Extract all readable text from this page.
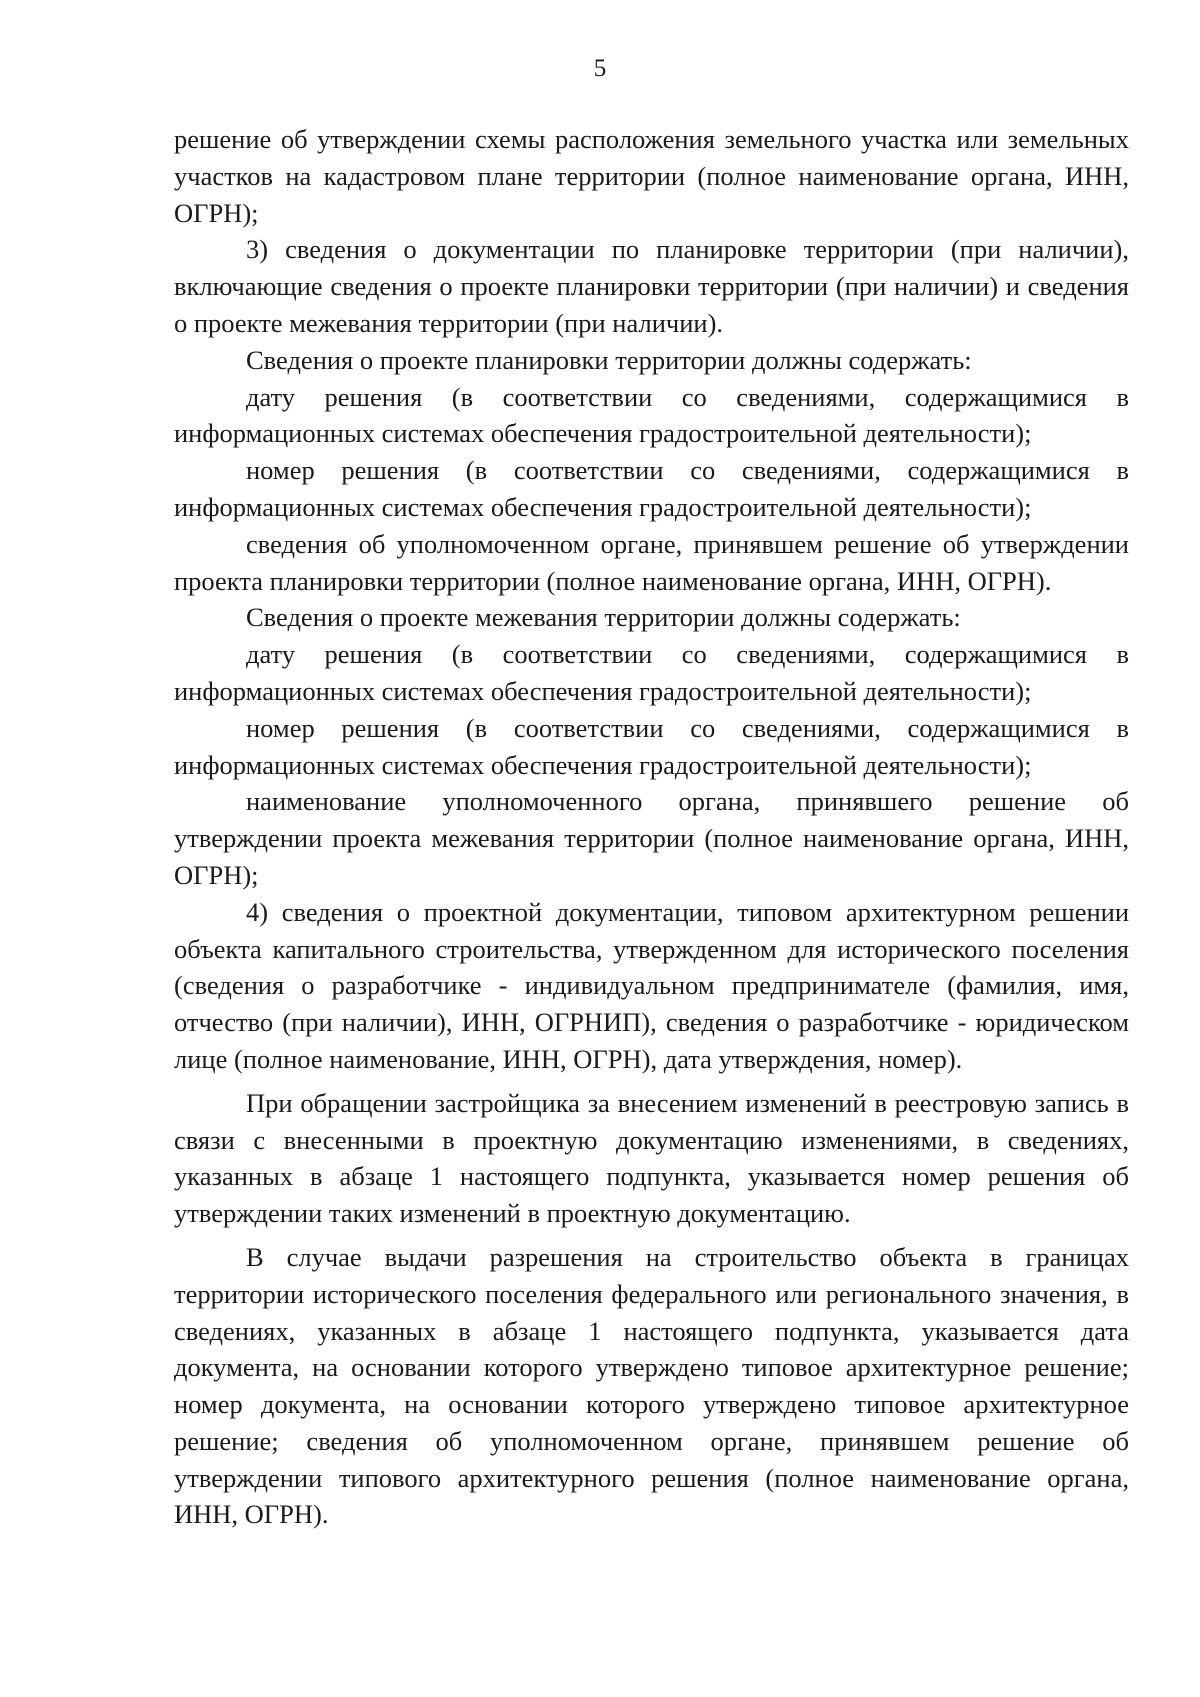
5

решение об утверждении схемы расположения земельного участка или земельных участков на кадастровом плане территории (полное наименование органа, ИНН, ОГРН);

3) сведения о документации по планировке территории (при наличии), включающие сведения о проекте планировки территории (при наличии) и сведения о проекте межевания территории (при наличии).

Сведения о проекте планировки территории должны содержать:

дату решения (в соответствии со сведениями, содержащимися в информационных системах обеспечения градостроительной деятельности);

номер решения (в соответствии со сведениями, содержащимися в информационных системах обеспечения градостроительной деятельности);

сведения об уполномоченном органе, принявшем решение об утверждении проекта планировки территории (полное наименование органа, ИНН, ОГРН).

Сведения о проекте межевания территории должны содержать:

дату решения (в соответствии со сведениями, содержащимися в информационных системах обеспечения градостроительной деятельности);

номер решения (в соответствии со сведениями, содержащимися в информационных системах обеспечения градостроительной деятельности);

наименование уполномоченного органа, принявшего решение об утверждении проекта межевания территории (полное наименование органа, ИНН, ОГРН);

4) сведения о проектной документации, типовом архитектурном решении объекта капитального строительства, утвержденном для исторического поселения (сведения о разработчике - индивидуальном предпринимателе (фамилия, имя, отчество (при наличии), ИНН, ОГРНИП), сведения о разработчике - юридическом лице (полное наименование, ИНН, ОГРН), дата утверждения, номер).

При обращении застройщика за внесением изменений в реестровую запись в связи с внесенными в проектную документацию изменениями, в сведениях, указанных в абзаце 1 настоящего подпункта, указывается номер решения об утверждении таких изменений в проектную документацию.

В случае выдачи разрешения на строительство объекта в границах территории исторического поселения федерального или регионального значения, в сведениях, указанных в абзаце 1 настоящего подпункта, указывается дата документа, на основании которого утверждено типовое архитектурное решение; номер документа, на основании которого утверждено типовое архитектурное решение; сведения об уполномоченном органе, принявшем решение об утверждении типового архитектурного решения (полное наименование органа, ИНН, ОГРН).
